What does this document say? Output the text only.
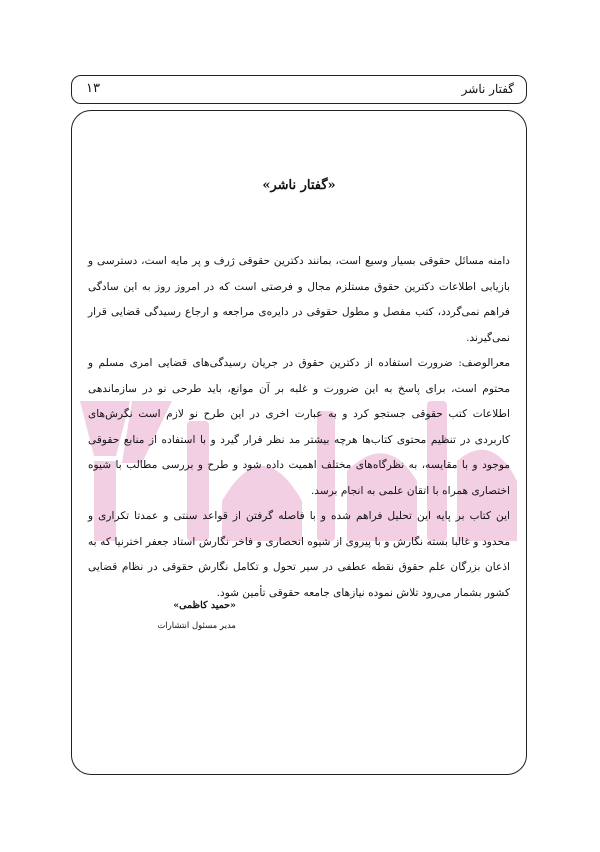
گفتار ناشر
۱۳
«گفتار ناشر»

دامنه مسائل حقوقی بسیار وسیع است، بمانند دکترین حقوقی ژرف و پر مایه است، دسترسی و بازیابی اطلاعات دکترین حقوق مستلزم مجال و فرصتی است که در امروز روز به این سادگی فراهم نمی‌گردد، کتب مفصل و مطول حقوقی در دایره‌ی مراجعه و ارجاع رسیدگی قضایی قرار نمی‌گیرند.

معرالوصف: ضرورت استفاده از دکترین حقوق در جریان رسیدگی‌های قضایی امری مسلم و محتوم است، برای پاسخ به این ضرورت و غلبه بر آن موانع، باید طرحی نو در سازماندهی اطلاعات کتب حقوقی جستجو کرد و به عبارت اخری در این طرح نو لازم است نگرش‌های کاربردی در تنظیم محتوی کتاب‌ها هرچه بیشتر مد نظر قرار گیرد و با استفاده از منابع حقوقی موجود و با مقایسه، به نظرگاه‌های مختلف اهمیت داده شود و طرح و بررسی مطالب با شیوه اختصاری همراه با اتقان علمی به انجام برسد.

این کتاب بر پایه این تحلیل فراهم شده و با فاصله گرفتن از قواعد سنتی و عمدتا تکراری و محدود و غالبا بسته نگارش و با پیروی از شیوه انحصاری و فاخر نگارش استاد جعفر اخترنیا که به اذعان بزرگان علم حقوق نقطه عطفی در سیر تحول و تکامل نگارش حقوقی در نظام قضایی کشور بشمار می‌رود تلاش نموده نیازهای جامعه حقوقی تأمین شود.

«حمید کاظمی»
مدیر مسئول انتشارات
